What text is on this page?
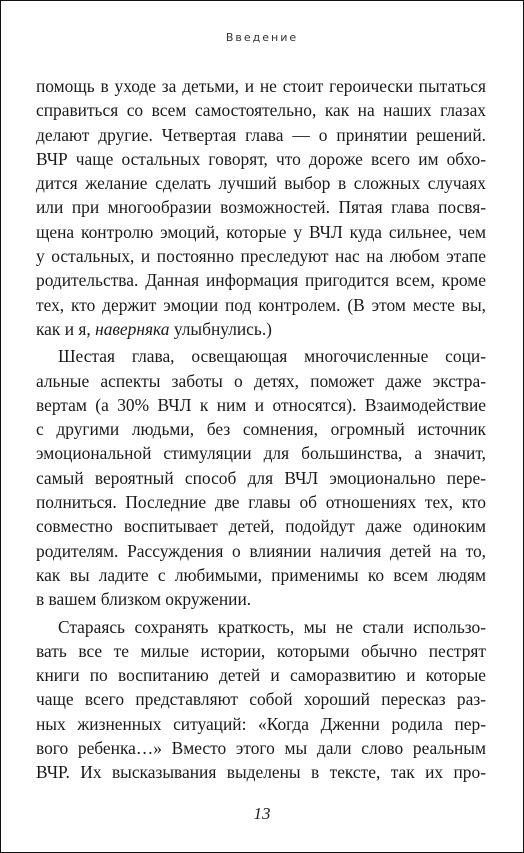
Введение
помощь в уходе за детьми, и не стоит героически пытаться
справиться со всем самостоятельно, как на наших глазах
делают другие. Четвертая глава — о принятии решений.
ВЧР чаще остальных говорят, что дороже всего им обхо-
дится желание сделать лучший выбор в сложных случаях
или при многообразии возможностей. Пятая глава посвя-
щена контролю эмоций, которые у ВЧЛ куда сильнее, чем
у остальных, и постоянно преследуют нас на любом этапе
родительства. Данная информация пригодится всем, кроме
тех, кто держит эмоции под контролем. (В этом месте вы,
как и я, наверняка улыбнулись.)
Шестая глава, освещающая многочисленные соци-
альные аспекты заботы о детях, поможет даже экстра-
вертам (а 30% ВЧЛ к ним и относятся). Взаимодействие
с другими людьми, без сомнения, огромный источник
эмоциональной стимуляции для большинства, а значит,
самый вероятный способ для ВЧЛ эмоционально пере-
полниться. Последние две главы об отношениях тех, кто
совместно воспитывает детей, подойдут даже одиноким
родителям. Рассуждения о влиянии наличия детей на то,
как вы ладите с любимыми, применимы ко всем людям
в вашем близком окружении.
Стараясь сохранять краткость, мы не стали использо-
вать все те милые истории, которыми обычно пестрят
книги по воспитанию детей и саморазвитию и которые
чаще всего представляют собой хороший пересказ раз-
ных жизненных ситуаций: «Когда Дженни родила пер-
вого ребенка…» Вместо этого мы дали слово реальным
ВЧР. Их высказывания выделены в тексте, так их про-
13
